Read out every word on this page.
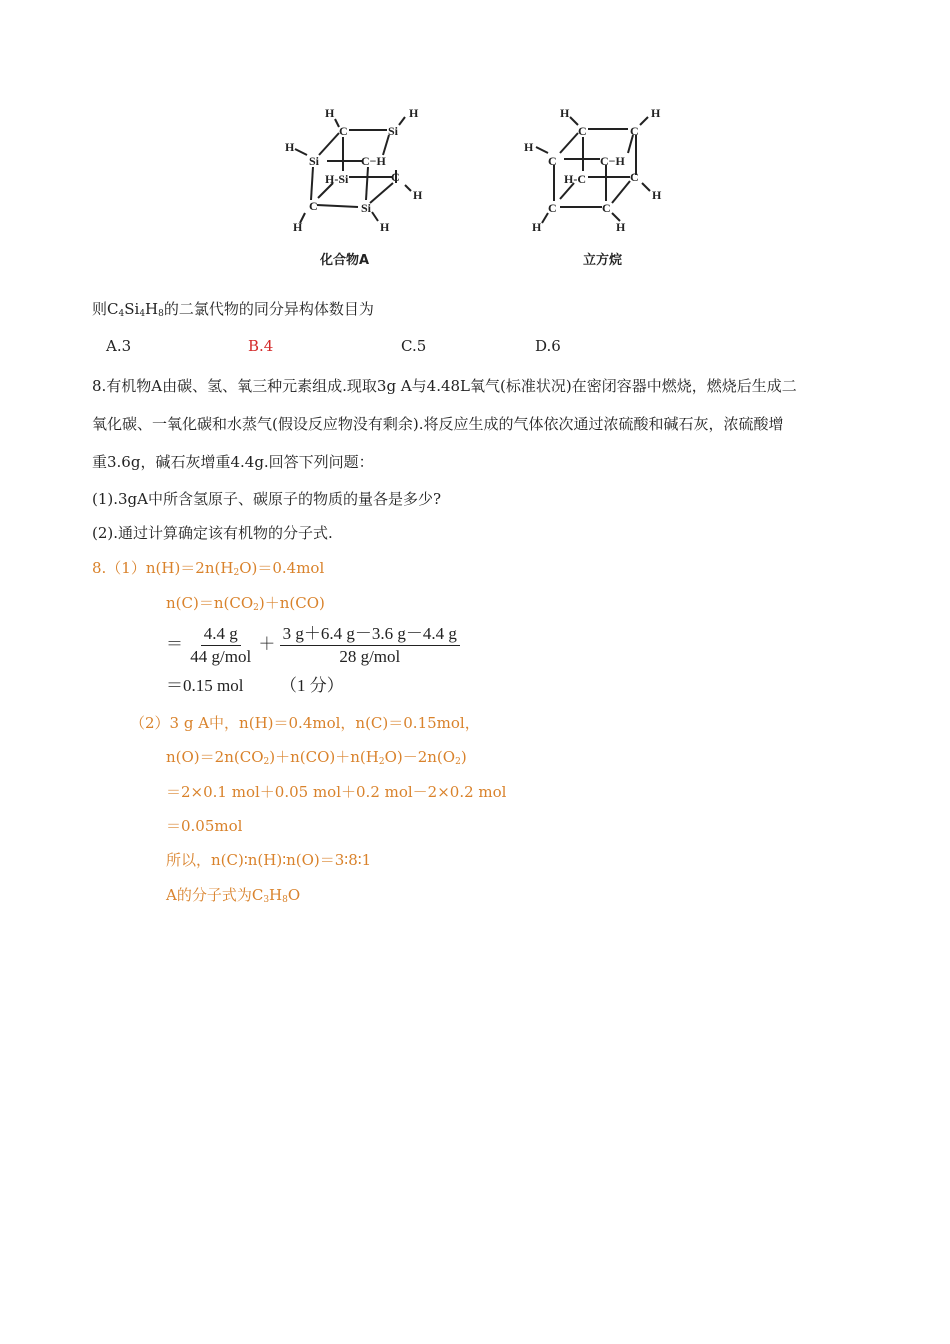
H	H
C	Si
H
Si	C−H
H-Si	C
H
C	Si
H	H
化合物A
H	H
C	C
H
C	C−H
H-C	C
H
C	C
H	H
立方烷
则$C_4Si_4H_8$的二氯代物的同分异构体数目为
A.3	B.4	C.5	D.6
8.有机物A由碳、氢、氧三种元素组成.现取3g A与4.48L氧气(标准状况)在密闭容器中燃烧，燃烧后生成二
氧化碳、一氧化碳和水蒸气(假设反应物没有剩余).将反应生成的气体依次通过浓硫酸和碱石灰，浓硫酸增
重3.6g，碱石灰增重4.4g.回答下列问题：
(1).3gA中所含氢原子、碳原子的物质的量各是多少?
(2).通过计算确定该有机物的分子式.
$8.(1)n(H)=2n(H_2O)=0.4mol$
$n(C)=n(CO_2)+n(CO)$
＝ $\frac{4.4 g}{\text{44 g/mol}} + \frac{3 g+6.4 g-3.6 g-4.4 g}{\text{28 g/mol}}$
＝0.15 mol （1 分）
（2）3 g A中，n(H)＝0.4mol，n(C)＝0.15mol，
$n(O)=2n(CO_2)+n(CO)+n(H_2O)-2n(O_2)$
＝2×0.1 mol＋0.05 mol＋0.2 mol－2×0.2 mol
＝0.05mol
所以，n(C)∶n(H)∶n(O)＝3∶8∶1
A的分子式为$C_3H_8O$
